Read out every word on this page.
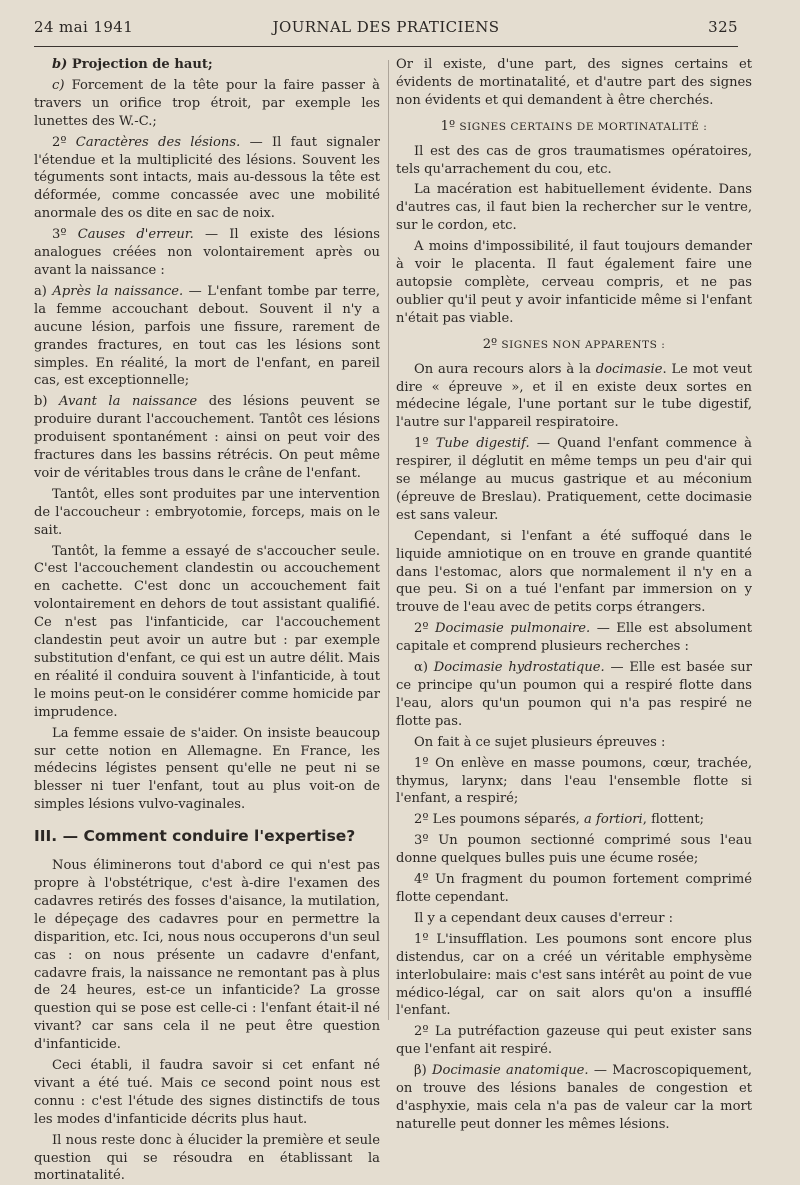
24 mai 1941	JOURNAL DES PRATICIENS	325

b) Projection de haut;

c) Forcement de la tête pour la faire passer à travers un orifice trop étroit, par exemple les lunettes des W.-C.;

2º Caractères des lésions. — Il faut signaler l'étendue et la multiplicité des lésions. Souvent les téguments sont intacts, mais au-dessous la tête est déformée, comme concassée avec une mobilité anormale des os dite en sac de noix.

3º Causes d'erreur. — Il existe des lésions analogues créées non volontairement après ou avant la naissance :

a) Après la naissance. — L'enfant tombe par terre, la femme accouchant debout. Souvent il n'y a aucune lésion, parfois une fissure, rarement de grandes fractures, en tout cas les lésions sont simples. En réalité, la mort de l'enfant, en pareil cas, est exceptionnelle;

b) Avant la naissance des lésions peuvent se produire durant l'accouchement. Tantôt ces lésions produisent spontanément : ainsi on peut voir des fractures dans les bassins rétrécis. On peut même voir de véritables trous dans le crâne de l'enfant.

Tantôt, elles sont produites par une intervention de l'accoucheur : embryotomie, forceps, mais on le sait.

Tantôt, la femme a essayé de s'accoucher seule. C'est l'accouchement clandestin ou accouchement en cachette. C'est donc un accouchement fait volontairement en dehors de tout assistant qualifié. Ce n'est pas l'infanticide, car l'accouchement clandestin peut avoir un autre but : par exemple substitution d'enfant, ce qui est un autre délit. Mais en réalité il conduira souvent à l'infanticide, à tout le moins peut-on le considérer comme homicide par imprudence.

La femme essaie de s'aider. On insiste beaucoup sur cette notion en Allemagne. En France, les médecins légistes pensent qu'elle ne peut ni se blesser ni tuer l'enfant, tout au plus voit-on de simples lésions vulvo-vaginales.

III. — Comment conduire l'expertise?

Nous éliminerons tout d'abord ce qui n'est pas propre à l'obstétrique, c'est à-dire l'examen des cadavres retirés des fosses d'aisance, la mutilation, le dépeçage des cadavres pour en permettre la disparition, etc. Ici, nous nous occuperons d'un seul cas : on nous présente un cadavre d'enfant, cadavre frais, la naissance ne remontant pas à plus de 24 heures, est-ce un infanticide? La grosse question qui se pose est celle-ci : l'enfant était-il né vivant? car sans cela il ne peut être question d'infanticide.

Ceci établi, il faudra savoir si cet enfant né vivant a été tué. Mais ce second point nous est connu : c'est l'étude des signes distinctifs de tous les modes d'infanticide décrits plus haut.

Il nous reste donc à élucider la première et seule question qui se résoudra en établissant la mortinatalité.

Or il existe, d'une part, des signes certains et évidents de mortinatalité, et d'autre part des signes non évidents et qui demandent à être cherchés.

1º SIGNES CERTAINS DE MORTINATALITÉ :

Il est des cas de gros traumatismes opératoires, tels qu'arrachement du cou, etc.

La macération est habituellement évidente. Dans d'autres cas, il faut bien la rechercher sur le ventre, sur le cordon, etc.

A moins d'impossibilité, il faut toujours demander à voir le placenta. Il faut également faire une autopsie complète, cerveau compris, et ne pas oublier qu'il peut y avoir infanticide même si l'enfant n'était pas viable.

2º SIGNES NON APPARENTS :

On aura recours alors à la docimasie. Le mot veut dire « épreuve », et il en existe deux sortes en médecine légale, l'une portant sur le tube digestif, l'autre sur l'appareil respiratoire.

1º Tube digestif. — Quand l'enfant commence à respirer, il déglutit en même temps un peu d'air qui se mélange au mucus gastrique et au méconium (épreuve de Breslau). Pratiquement, cette docimasie est sans valeur.

Cependant, si l'enfant a été suffoqué dans le liquide amniotique on en trouve en grande quantité dans l'estomac, alors que normalement il n'y en a que peu. Si on a tué l'enfant par immersion on y trouve de l'eau avec de petits corps étrangers.

2º Docimasie pulmonaire. — Elle est absolument capitale et comprend plusieurs recherches :

α) Docimasie hydrostatique. — Elle est basée sur ce principe qu'un poumon qui a respiré flotte dans l'eau, alors qu'un poumon qui n'a pas respiré ne flotte pas.

On fait à ce sujet plusieurs épreuves :

1º On enlève en masse poumons, cœur, trachée, thymus, larynx; dans l'eau l'ensemble flotte si l'enfant, a respiré;

2º Les poumons séparés, a fortiori, flottent;

3º Un poumon sectionné comprimé sous l'eau donne quelques bulles puis une écume rosée;

4º Un fragment du poumon fortement comprimé flotte cependant.

Il y a cependant deux causes d'erreur :

1º L'insufflation. Les poumons sont encore plus distendus, car on a créé un véritable emphysème interlobulaire: mais c'est sans intérêt au point de vue médico-légal, car on sait alors qu'on a insufflé l'enfant.

2º La putréfaction gazeuse qui peut exister sans que l'enfant ait respiré.

β) Docimasie anatomique. — Macroscopiquement, on trouve des lésions banales de congestion et d'asphyxie, mais cela n'a pas de valeur car la mort naturelle peut donner les mêmes lésions.
